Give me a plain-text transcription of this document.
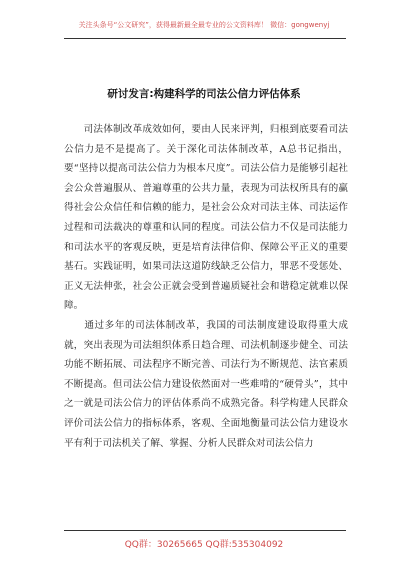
关注头条号“公文研究”，获得最新最全最专业的公文资料库！ 微信：gongwenyj
研讨发言:构建科学的司法公信力评估体系

　　司法体制改革成效如何，要由人民来评判，归根到底要看司法公信力是不是提高了。关于深化司法体制改革，A总书记指出，要“坚持以提高司法公信力为根本尺度”。司法公信力是能够引起社会公众普遍服从、普遍尊重的公共力量，表现为司法权所具有的赢得社会公众信任和信赖的能力，是社会公众对司法主体、司法运作过程和司法裁决的尊重和认同的程度。司法公信力不仅是司法能力和司法水平的客观反映，更是培育法律信仰、保障公平正义的重要基石。实践证明，如果司法这道防线缺乏公信力，罪恶不受惩处、正义无法伸张，社会公正就会受到普遍质疑社会和谐稳定就难以保障。

　　通过多年的司法体制改革，我国的司法制度建设取得重大成就，突出表现为司法组织体系日趋合理、司法机制逐步健全、司法功能不断拓展、司法程序不断完善、司法行为不断规范、法官素质不断提高。但司法公信力建设依然面对一些难啃的“硬骨头”，其中之一就是司法公信力的评估体系尚不成熟完备。科学构建人民群众评价司法公信力的指标体系，客观、全面地衡量司法公信力建设水平有利于司法机关了解、掌握、分析人民群众对司法公信力

QQ群：30265665 QQ群:535304092
